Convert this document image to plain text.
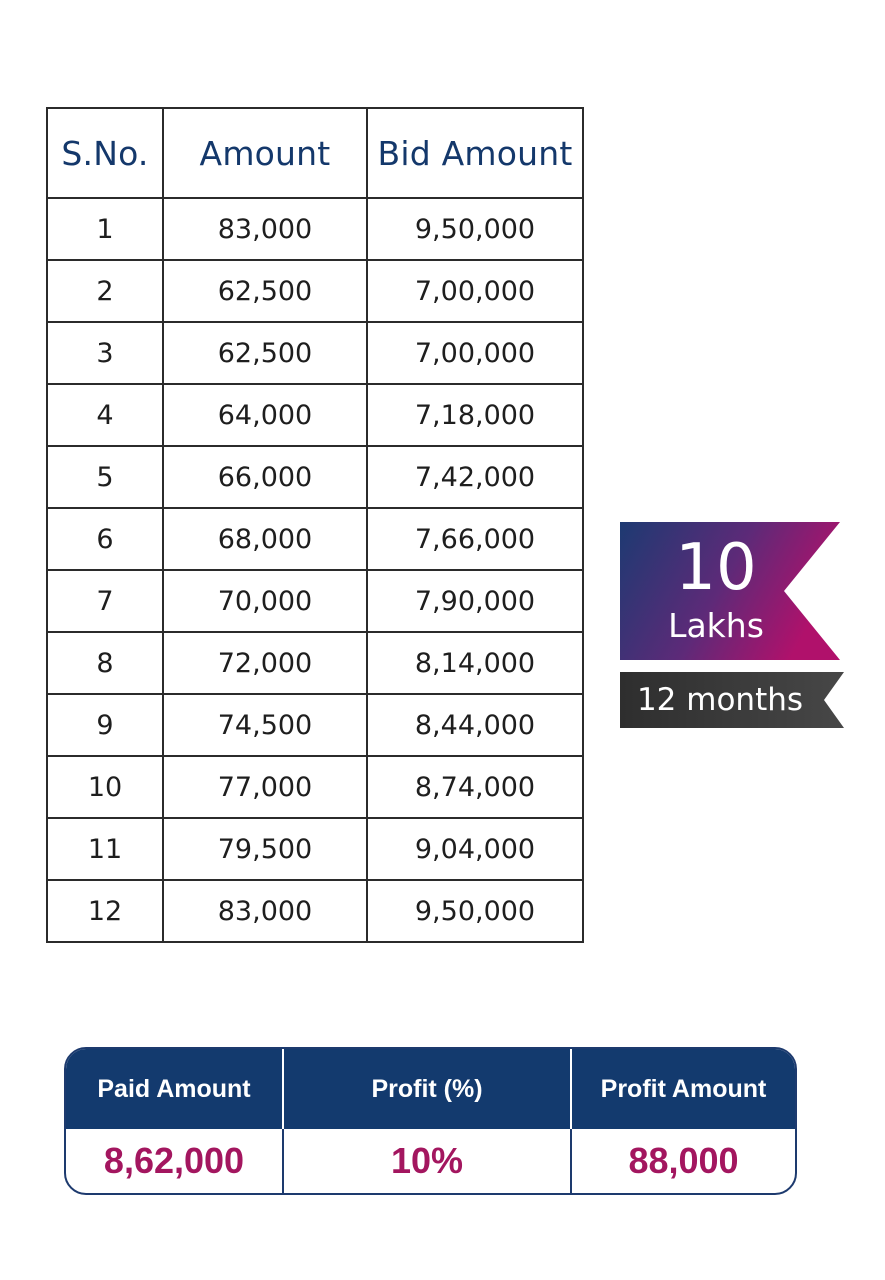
S.No.	Amount	Bid Amount
1	83,000	9,50,000
2	62,500	7,00,000
3	62,500	7,00,000
4	64,000	7,18,000
5	66,000	7,42,000
6	68,000	7,66,000
7	70,000	7,90,000
8	72,000	8,14,000
9	74,500	8,44,000
10	77,000	8,74,000
11	79,500	9,04,000
12	83,000	9,50,000
10
Lakhs
12 months
Paid Amount	Profit (%)	Profit Amount
8,62,000	10%	88,000
